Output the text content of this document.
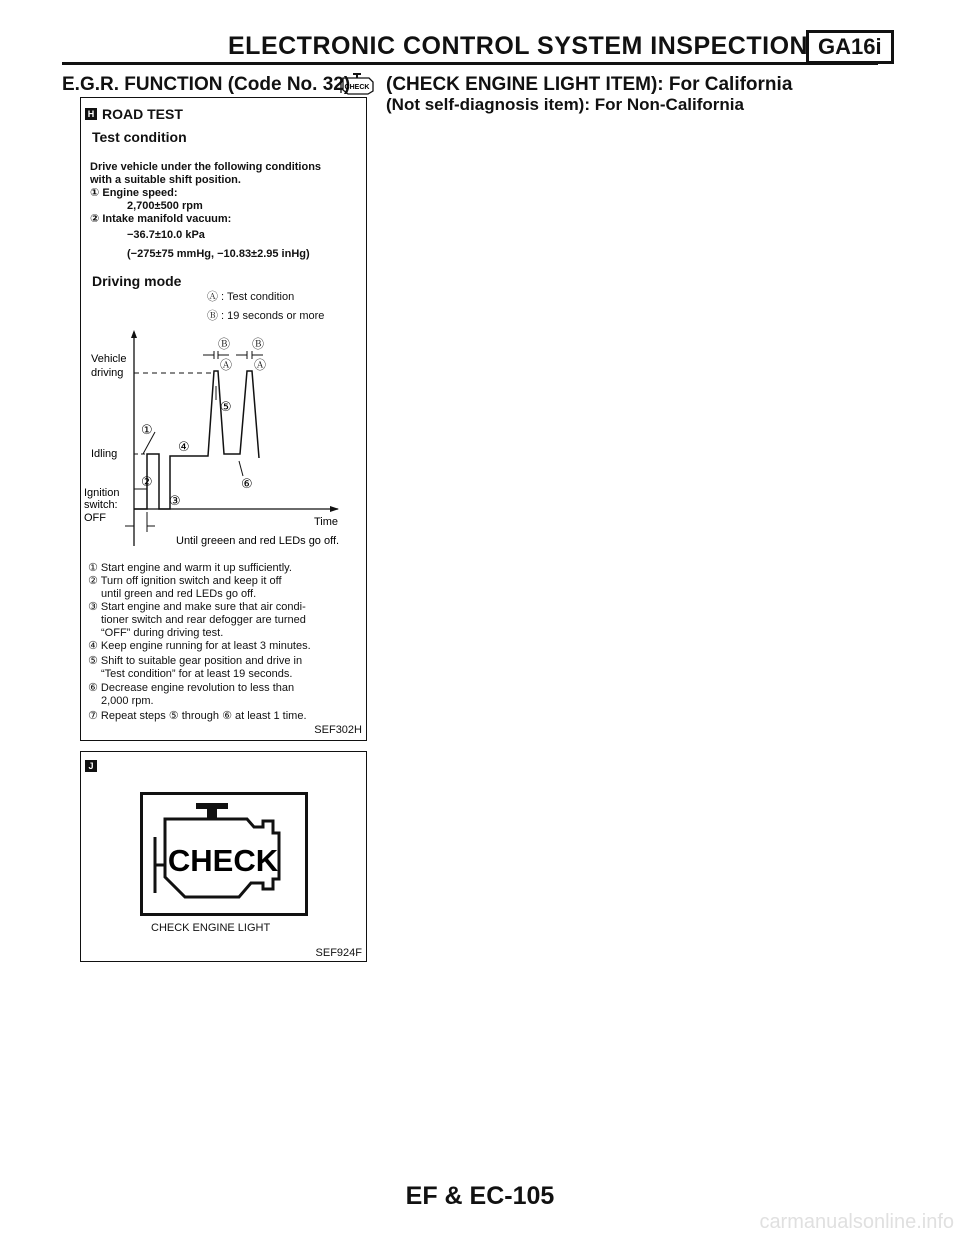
ELECTRONIC CONTROL SYSTEM INSPECTION GA16i
E.G.R. FUNCTION (Code No. 32)
CHECK (CHECK ENGINE LIGHT ITEM): For California
(Not self-diagnosis item): For Non-California
H ROAD TEST
Test condition
Drive vehicle under the following conditions
with a suitable shift position.
① Engine speed:
2,700±500 rpm
② Intake manifold vacuum:
−36.7±10.0 kPa
(−275±75 mmHg, −10.83±2.95 inHg)
Driving mode
Ⓐ : Test condition
Ⓑ : 19 seconds or more
Vehicle
driving
Idling
Ignition
switch:
OFF	Time
Until greeen and red LEDs go off.
①
②
③
④
⑤
⑥
Ⓐ Ⓐ
Ⓑ Ⓑ
① Start engine and warm it up sufficiently.
② Turn off ignition switch and keep it off
until green and red LEDs go off.
③ Start engine and make sure that air condi-
tioner switch and rear defogger are turned
“OFF” during driving test.
④ Keep engine running for at least 3 minutes.
⑤ Shift to suitable gear position and drive in
“Test condition” for at least 19 seconds.
⑥ Decrease engine revolution to less than
2,000 rpm.
⑦ Repeat steps ⑤ through ⑥ at least 1 time.
SEF302H
J
CHECK
CHECK ENGINE LIGHT
SEF924F
EF & EC-105
carmanualsonline.info
